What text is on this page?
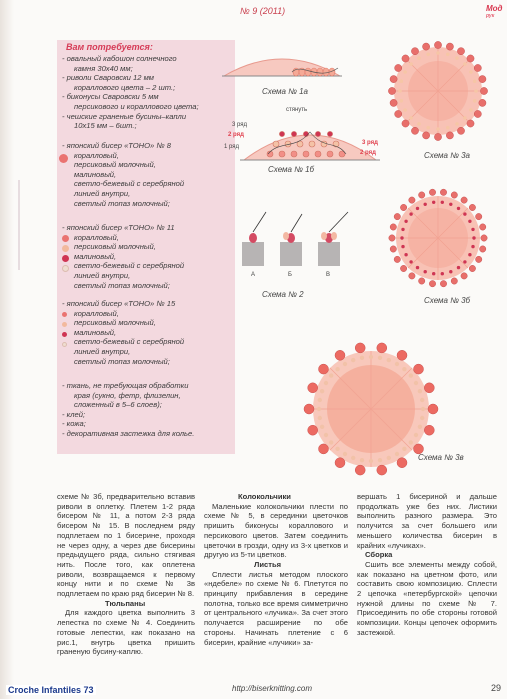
№ 9 (2011)	Мод
рук
Вам потребуется:
- овальный кабошон солнечного
камня 30х40 мм;
- риволи Сваровски 12 мм
кораллового цвета – 2 шт.;
- биконусы Сваровски 5 мм
персикового и кораллового цвета;
- чешские граненые бусины–капли
10х15 мм – 6шт.;
- японский бисер «ТОНО» № 8
коралловый,
персиковый молочный,
малиновый,
светло-бежевый с серебряной
линией внутри,
светлый топаз молочный;
- японский бисер «ТОНО» № 11
коралловый,
персиковый молочный,
малиновый,
светло-бежевый с серебряной
линией внутри,
светлый топаз молочный;
- японский бисер «ТОНО» № 15
коралловый,
персиковый молочный,
малиновый,
светло-бежевый с серебряной
линией внутри,
светлый топаз молочный;
- ткань, не требующая обработки
края (сукно, фетр, флизелин,
сложенный в 5–6 слоев);
- клей;
- кожа;
- декоративная застежка для колье.
Схема № 1а
стянуть
3 ряд
2 ряд
1 ряд
3 ряд
2 ряд
Схема № 1б
А	Б	В
Схема № 2
Схема № 3а
Схема № 3б
Схема № 3в
схеме № 3б, предварительно вставив риволи в оплетку. Плетем 1-2 ряда бисером № 11, а потом 2-3 ряда бисером № 15. В последнем ряду подплетаем по 1 бисерине, проходя не через одну, а через две бисерины предыдущего ряда, сильно стягивая нить. После того, как оплетена риволи, возвращаемся к первому концу нити и по схеме № 3в подплетаем по краю ряд бисерин № 8.
Тюльпаны
Для каждого цветка выполнить 3 лепестка по схеме № 4. Соединить готовые лепестки, как показано на рис.1, внутрь цветка пришить граненую бусину-каплю.
Колокольчики
Маленькие колокольчики плести по схеме № 5, в серединки цветочков пришить биконусы кораллового и персикового цветов. Затем соединить цветочки в грозди, одну из 3-х цветков и другую из 5-ти цветков.
Листья
Сплести листья методом плоского «ндебеле» по схеме № 6. Плетутся по принципу прибавления в середине полотна, только все время симметрично от центрального «лучика». За счет этого получается расширение по обе стороны. Начинать плетение с 6 бисерин, крайние «лучики» за-
вершать 1 бисериной и дальше продолжать уже без них. Листики выполнить разного размера. Это получится за счет большего или меньшего количества бисерин в крайних «лучиках».
Сборка
Сшить все элементы между собой, как показано на цветном фото, или составить свою композицию. Сплести 2 цепочка «петербургской» цепочки нужной длины по схеме № 7. Присоединить по обе стороны готовой композиции. Концы цепочек оформить застежкой.
Croche Infantiles 73	http://biserknitting.com	29
